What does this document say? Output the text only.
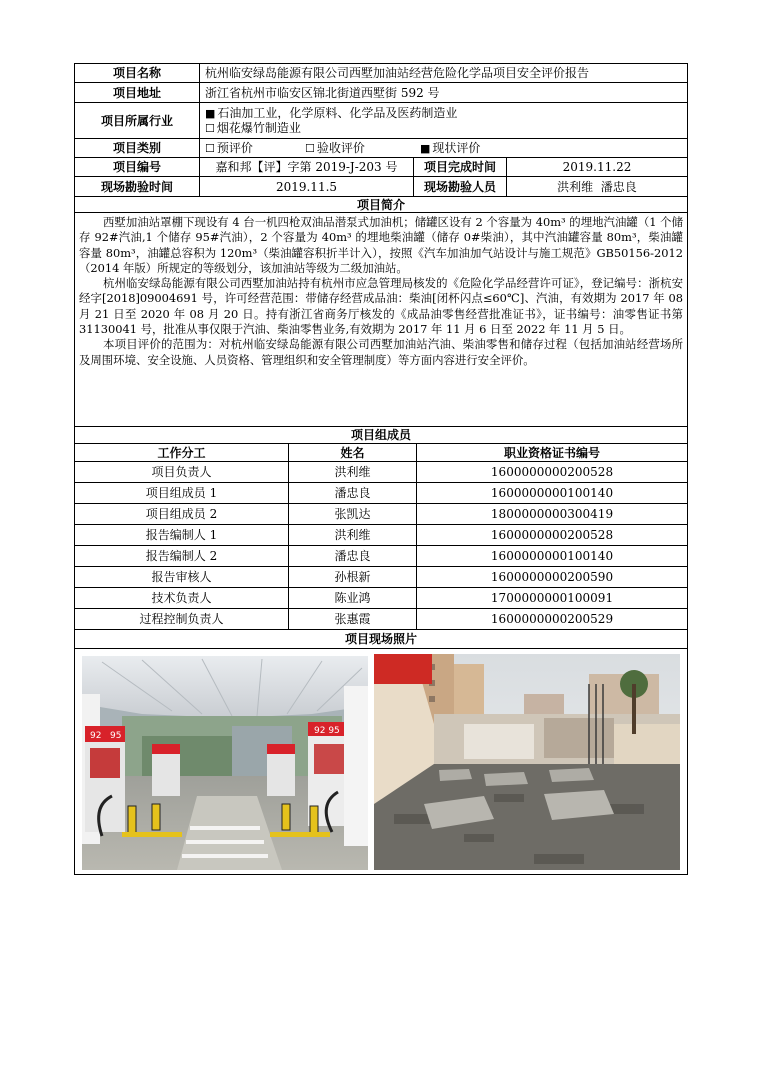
项目名称	杭州临安绿岛能源有限公司西墅加油站经营危险化学品项目安全评价报告
项目地址	浙江省杭州市临安区锦北街道西墅街 592 号
项目所属行业
■ 石油加工业，化学原料、化学品及医药制造业
☐ 烟花爆竹制造业
项目类别	☐ 预评价	☐ 验收评价	■ 现状评价
项目编号	嘉和邦【评】字第 2019-J-203 号	项目完成时间	2019.11.22
现场勘验时间	2019.11.5	现场勘验人员	洪利维  潘忠良
项目简介

西墅加油站罩棚下现设有 4 台一机四枪双油品潜泵式加油机；储罐区设有 2 个容量为 40m³ 的埋地汽油罐（1 个储存 92#汽油,1 个储存 95#汽油），2 个容量为 40m³ 的埋地柴油罐（储存 0#柴油），其中汽油罐容量 80m³，柴油罐容量 80m³，油罐总容积为 120m³（柴油罐容积折半计入），按照《汽车加油加气站设计与施工规范》GB50156-2012（2014 年版）所规定的等级划分，该加油站等级为二级加油站。

杭州临安绿岛能源有限公司西墅加油站持有杭州市应急管理局核发的《危险化学品经营许可证》，登记编号：浙杭安经字[2018]09004691 号，许可经营范围：带储存经营成品油：柴油[闭杯闪点≤60℃]、汽油，有效期为 2017 年 08 月 21 日至 2020 年 08 月 20 日。持有浙江省商务厅核发的《成品油零售经营批准证书》，证书编号：油零售证书第 31130041 号，批准从事仅限于汽油、柴油零售业务,有效期为 2017 年 11 月 6 日至 2022 年 11 月 5 日。

本项目评价的范围为：对杭州临安绿岛能源有限公司西墅加油站汽油、柴油零售和储存过程（包括加油站经营场所及周围环境、安全设施、人员资格、管理组织和安全管理制度）等方面内容进行安全评价。

项目组成员
工作分工	姓名	职业资格证书编号
项目负责人	洪利维	1600000000200528
项目组成员 1	潘忠良	1600000000100140
项目组成员 2	张凯达	1800000000300419
报告编制人 1	洪利维	1600000000200528
报告编制人 2	潘忠良	1600000000100140
报告审核人	孙根新	1600000000200590
技术负责人	陈业鸿	1700000000100091
过程控制负责人	张惠霞	1600000000200529
项目现场照片
92 95	92 95
